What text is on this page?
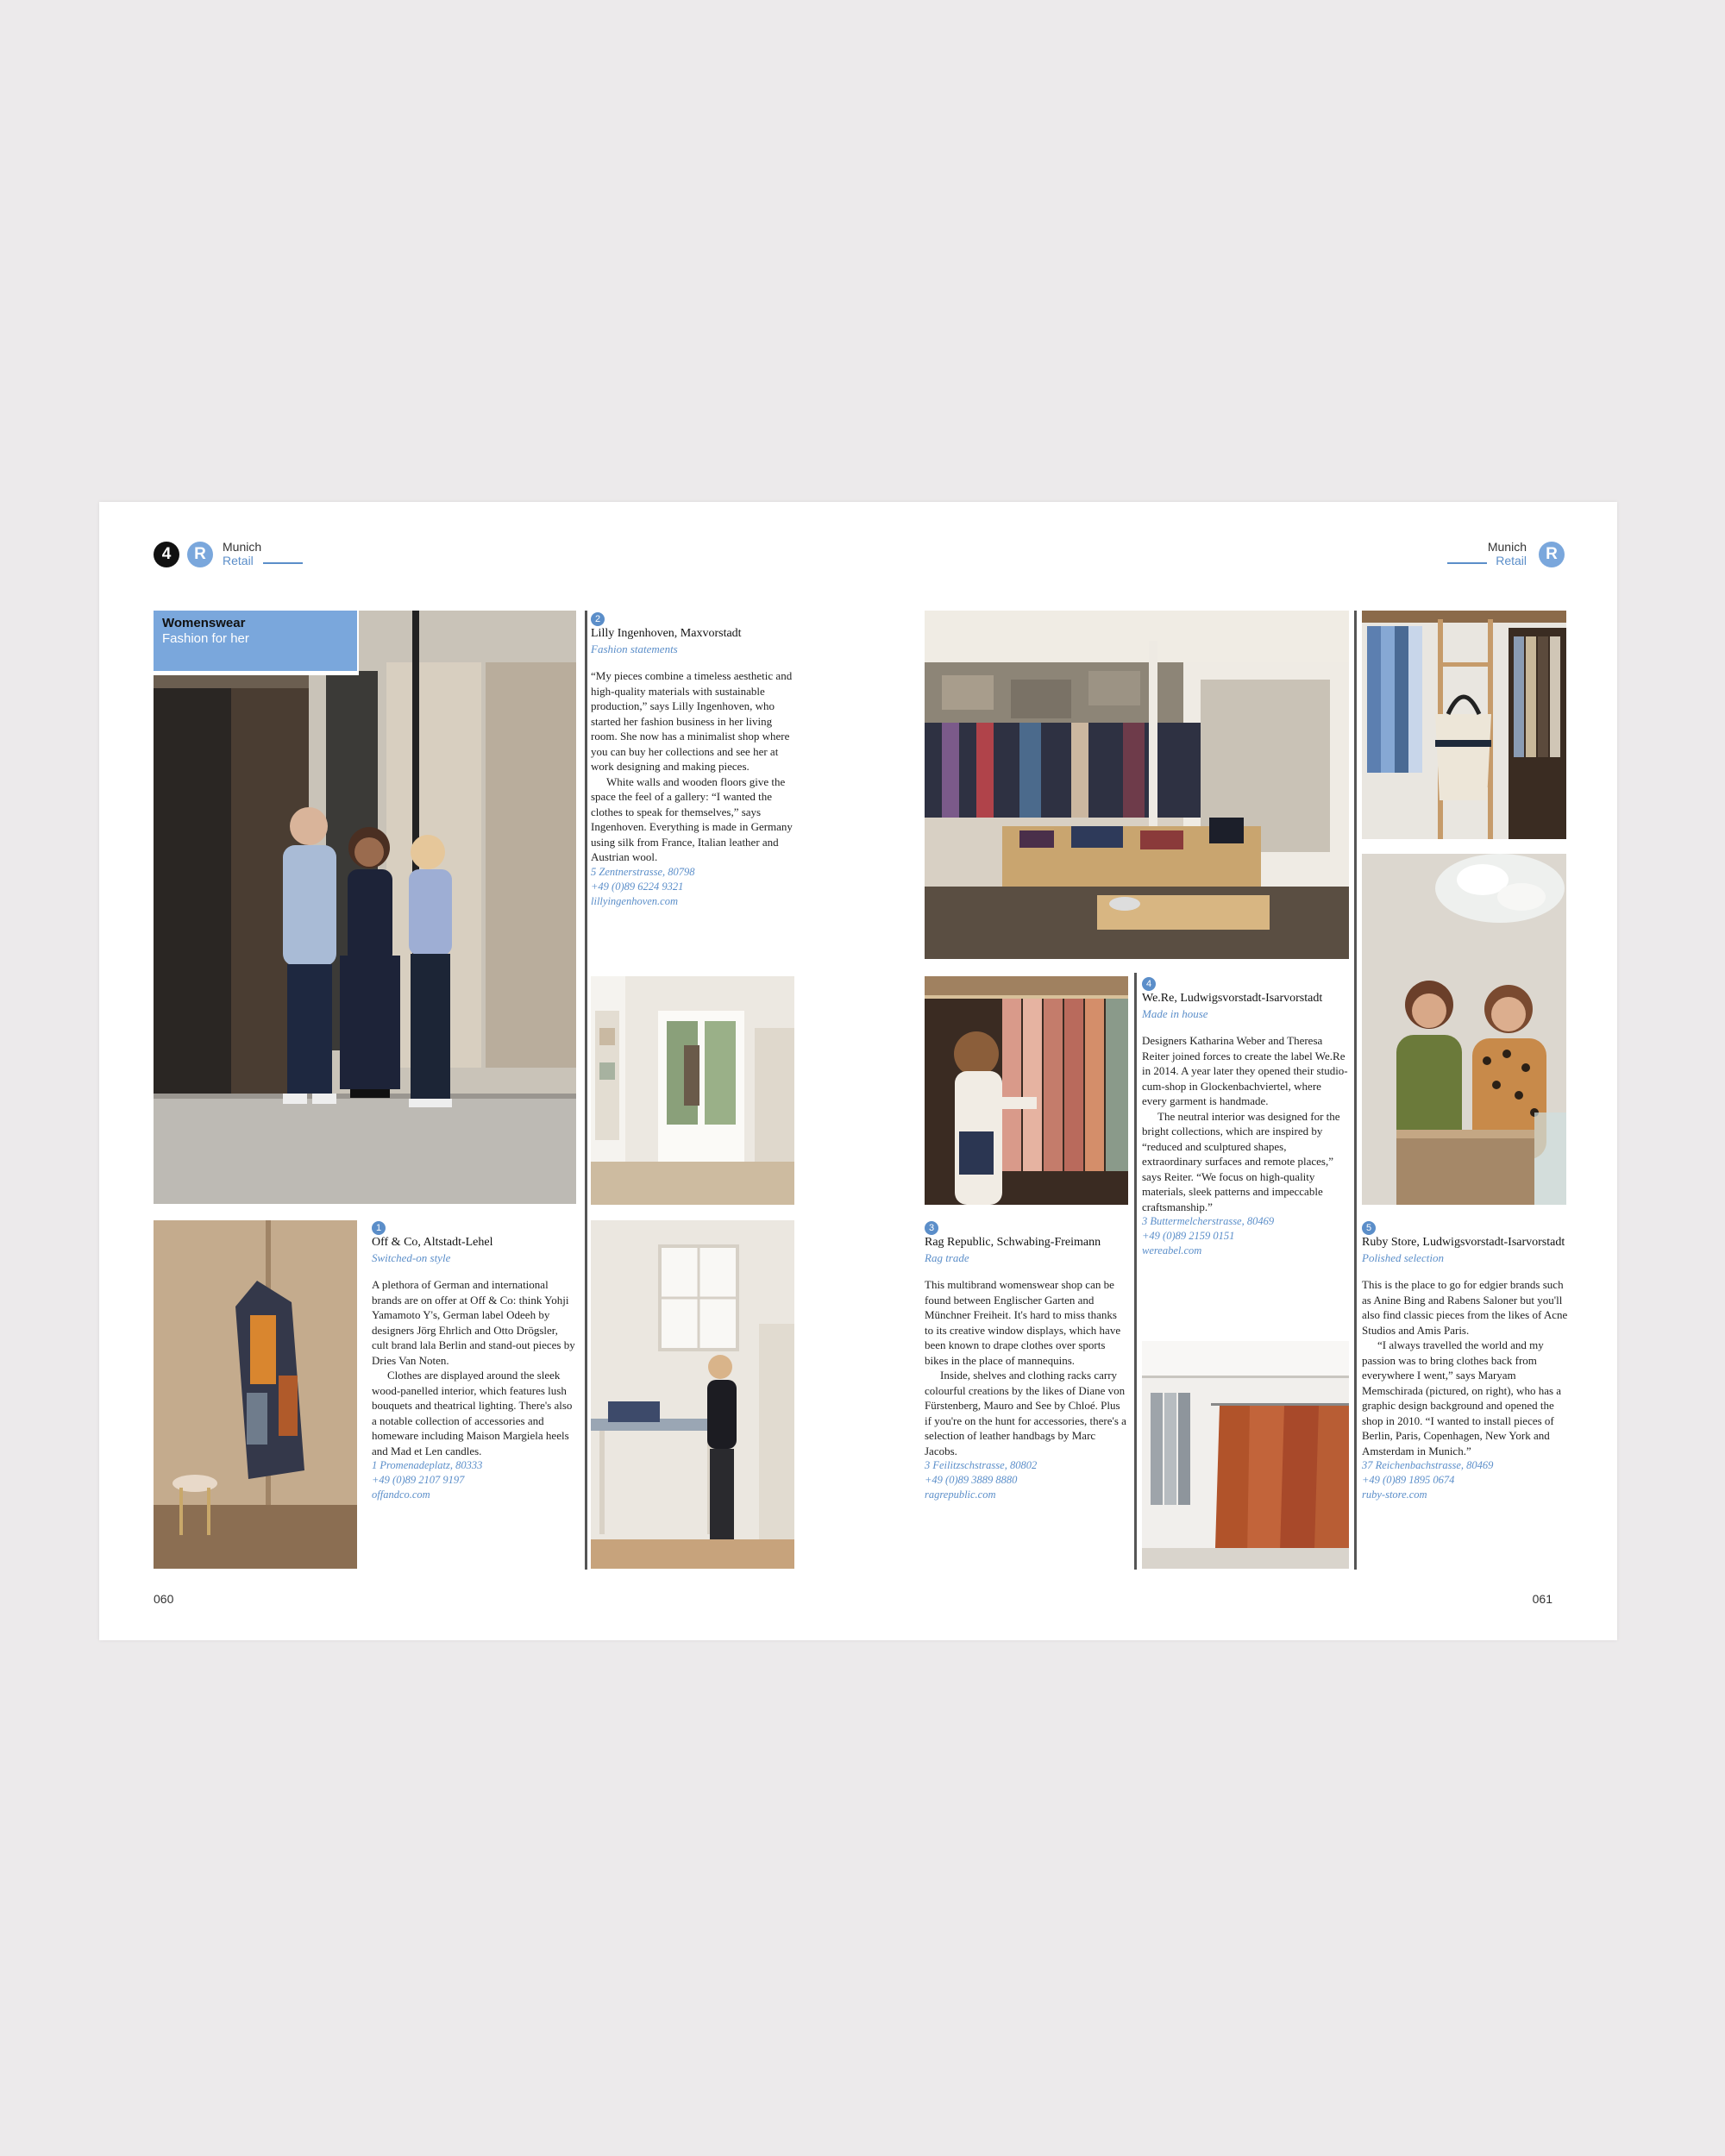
4	R	Munich
Retail
Munich
Retail	R
Womenswear
Fashion for her
1
Off & Co, Altstadt-Lehel
Switched-on style

A plethora of German and international brands are on offer at Off & Co: think Yohji Yamamoto Y's, German label Odeeh by designers Jörg Ehrlich and Otto Drögsler, cult brand lala Berlin and stand-out pieces by Dries Van Noten.

Clothes are displayed around the sleek wood-panelled interior, which features lush bouquets and theatrical lighting. There's also a notable collection of accessories and homeware including Maison Margiela heels and Mad et Len candles.

1 Promenadeplatz, 80333
+49 (0)89 2107 9197
offandco.com
2
Lilly Ingenhoven, Maxvorstadt
Fashion statements

“My pieces combine a timeless aesthetic and high-quality materials with sustainable production,” says Lilly Ingenhoven, who started her fashion business in her living room. She now has a minimalist shop where you can buy her collections and see her at work designing and making pieces.

White walls and wooden floors give the space the feel of a gallery: “I wanted the clothes to speak for themselves,” says Ingenhoven. Everything is made in Germany using silk from France, Italian leather and Austrian wool.

5 Zentnerstrasse, 80798
+49 (0)89 6224 9321
lillyingenhoven.com
3
Rag Republic, Schwabing-Freimann
Rag trade

This multibrand womenswear shop can be found between Englischer Garten and Münchner Freiheit. It's hard to miss thanks to its creative window displays, which have been known to drape clothes over sports bikes in the place of mannequins.

Inside, shelves and clothing racks carry colourful creations by the likes of Diane von Fürstenberg, Mauro and See by Chloé. Plus if you're on the hunt for accessories, there's a selection of leather handbags by Marc Jacobs.

3 Feilitzschstrasse, 80802
+49 (0)89 3889 8880
ragrepublic.com
4
We.Re, Ludwigsvorstadt-Isarvorstadt
Made in house

Designers Katharina Weber and Theresa Reiter joined forces to create the label We.Re in 2014. A year later they opened their studio-cum-shop in Glockenbachviertel, where every garment is handmade.

The neutral interior was designed for the bright collections, which are inspired by “reduced and sculptured shapes, extraordinary surfaces and remote places,” says Reiter. “We focus on high-quality materials, sleek patterns and impeccable craftsmanship.”

3 Buttermelcherstrasse, 80469
+49 (0)89 2159 0151
wereabel.com
5
Ruby Store, Ludwigsvorstadt-Isarvorstadt
Polished selection

This is the place to go for edgier brands such as Anine Bing and Rabens Saloner but you'll also find classic pieces from the likes of Acne Studios and Amis Paris.

“I always travelled the world and my passion was to bring clothes back from everywhere I went,” says Maryam Memschirada (pictured, on right), who has a graphic design background and opened the shop in 2010. “I wanted to install pieces of Berlin, Paris, Copenhagen, New York and Amsterdam in Munich.”

37 Reichenbachstrasse, 80469
+49 (0)89 1895 0674
ruby-store.com
060	061
